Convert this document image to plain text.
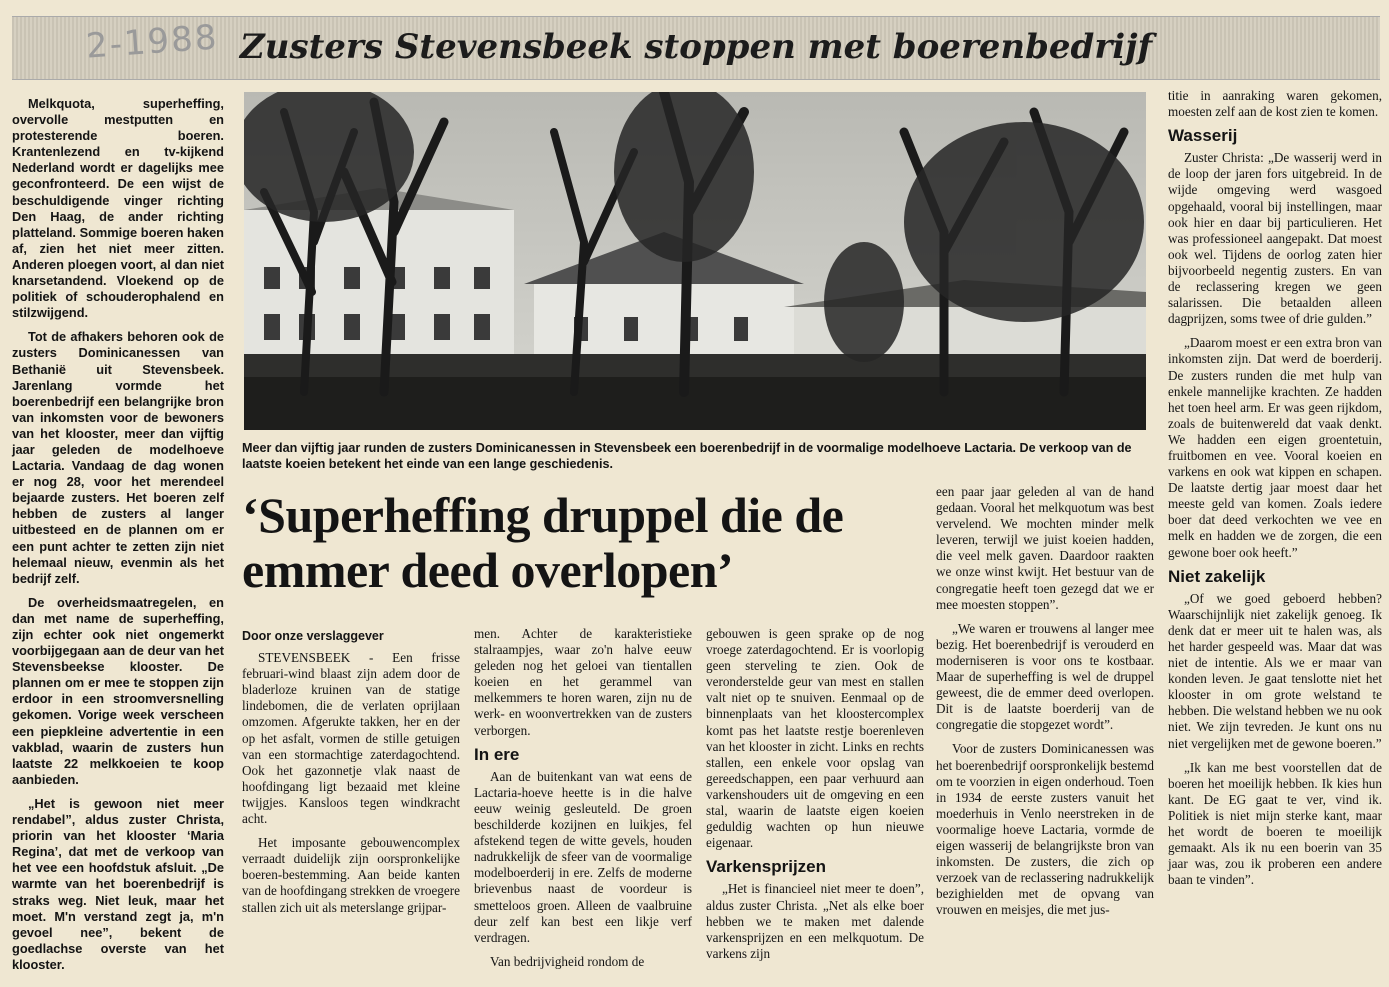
Zusters Stevensbeek stoppen met boerenbedrijf
2-1988

Melkquota, superheffing, overvolle mestputten en protesterende boeren. Krantenlezend en tv-kijkend Nederland wordt er dagelijks mee geconfronteerd. De een wijst de beschuldigende vinger richting Den Haag, de ander richting platteland. Sommige boeren haken af, zien het niet meer zitten. Anderen ploegen voort, al dan niet knarsetandend. Vloekend op de politiek of schouderophalend en stilzwijgend.

Tot de afhakers behoren ook de zusters Dominicanessen van Bethanië uit Stevensbeek. Jarenlang vormde het boerenbedrijf een belangrijke bron van inkomsten voor de bewoners van het klooster, meer dan vijftig jaar geleden de modelhoeve Lactaria. Vandaag de dag wonen er nog 28, voor het merendeel bejaarde zusters. Het boeren zelf hebben de zusters al langer uitbesteed en de plannen om er een punt achter te zetten zijn niet helemaal nieuw, evenmin als het bedrijf zelf.

De overheidsmaatregelen, en dan met name de superheffing, zijn echter ook niet ongemerkt voorbijgegaan aan de deur van het Stevensbeekse klooster. De plannen om er mee te stoppen zijn erdoor in een stroomversnelling gekomen. Vorige week verscheen een piepkleine advertentie in een vakblad, waarin de zusters hun laatste 22 melkkoeien te koop aanbieden.

„Het is gewoon niet meer rendabel”, aldus zuster Christa, priorin van het klooster ‘Maria Regina’, dat met de verkoop van het vee een hoofdstuk afsluit. „De warmte van het boerenbedrijf is straks weg. Niet leuk, maar het moet. M'n verstand zegt ja, m'n gevoel nee”, bekent de goedlachse overste van het klooster.

Meer dan vijftig jaar runden de zusters Dominicanessen in Stevensbeek een boerenbedrijf in de voormalige modelhoeve Lactaria. De verkoop van de laatste koeien betekent het einde van een lange geschiedenis.
‘Superheffing druppel die de emmer deed overlopen’
Door onze verslaggever

STEVENSBEEK - Een frisse februari-wind blaast zijn adem door de bladerloze kruinen van de statige lindebomen, die de verlaten oprijlaan omzomen. Afgerukte takken, her en der op het asfalt, vormen de stille getuigen van een stormachtige zaterdagochtend. Ook het gazonnetje vlak naast de hoofdingang ligt bezaaid met kleine twijgjes. Kansloos tegen windkracht acht.

Het imposante gebouwencomplex verraadt duidelijk zijn oorspronkelijke boeren-bestemming. Aan beide kanten van de hoofdingang strekken de vroegere stallen zich uit als meterslange grijpar-

men. Achter de karakteristieke stalraampjes, waar zo'n halve eeuw geleden nog het geloei van tientallen koeien en het gerammel van melkemmers te horen waren, zijn nu de werk- en woonvertrekken van de zusters verborgen.

In ere

Aan de buitenkant van wat eens de Lactaria-hoeve heette is in die halve eeuw weinig gesleuteld. De groen beschilderde kozijnen en luikjes, fel afstekend tegen de witte gevels, houden nadrukkelijk de sfeer van de voormalige modelboerderij in ere. Zelfs de moderne brievenbus naast de voordeur is smetteloos groen. Alleen de vaalbruine deur zelf kan best een likje verf verdragen.

Van bedrijvigheid rondom de

gebouwen is geen sprake op de nog vroege zaterdagochtend. Er is voorlopig geen sterveling te zien. Ook de veronderstelde geur van mest en stallen valt niet op te snuiven. Eenmaal op de binnenplaats van het kloostercomplex komt pas het laatste restje boerenleven van het klooster in zicht. Links en rechts stallen, een enkele voor opslag van gereedschappen, een paar verhuurd aan varkenshouders uit de omgeving en een stal, waarin de laatste eigen koeien geduldig wachten op hun nieuwe eigenaar.

Varkensprijzen

„Het is financieel niet meer te doen”, aldus zuster Christa. „Net als elke boer hebben we te maken met dalende varkensprijzen en een melkquotum. De varkens zijn

een paar jaar geleden al van de hand gedaan. Vooral het melkquotum was best vervelend. We mochten minder melk leveren, terwijl we juist koeien hadden, die veel melk gaven. Daardoor raakten we onze winst kwijt. Het bestuur van de congregatie heeft toen gezegd dat we er mee moesten stoppen”.

„We waren er trouwens al langer mee bezig. Het boerenbedrijf is verouderd en moderniseren is voor ons te kostbaar. Maar de superheffing is wel de druppel geweest, die de emmer deed overlopen. Dit is de laatste boerderij van de congregatie die stopgezet wordt”.

Voor de zusters Dominicanessen was het boerenbedrijf oorspronkelijk bestemd om te voorzien in eigen onderhoud. Toen in 1934 de eerste zusters vanuit het moederhuis in Venlo neerstreken in de voormalige hoeve Lactaria, vormde de eigen wasserij de belangrijkste bron van inkomsten. De zusters, die zich op verzoek van de reclassering nadrukkelijk bezighielden met de opvang van vrouwen en meisjes, die met jus-

titie in aanraking waren gekomen, moesten zelf aan de kost zien te komen.

Wasserij

Zuster Christa: „De wasserij werd in de loop der jaren fors uitgebreid. In de wijde omgeving werd wasgoed opgehaald, vooral bij instellingen, maar ook hier en daar bij particulieren. Het was professioneel aangepakt. Dat moest ook wel. Tijdens de oorlog zaten hier bijvoorbeeld negentig zusters. En van de reclassering kregen we geen salarissen. Die betaalden alleen dagprijzen, soms twee of drie gulden.”

„Daarom moest er een extra bron van inkomsten zijn. Dat werd de boerderij. De zusters runden die met hulp van enkele mannelijke krachten. Ze hadden het toen heel arm. Er was geen rijkdom, zoals de buitenwereld dat vaak denkt. We hadden een eigen groentetuin, fruitbomen en vee. Vooral koeien en varkens en ook wat kippen en schapen. De laatste dertig jaar moest daar het meeste geld van komen. Zoals iedere boer dat deed verkochten we vee en melk en hadden we de zorgen, die een gewone boer ook heeft.”

Niet zakelijk

„Of we goed geboerd hebben? Waarschijnlijk niet zakelijk genoeg. Ik denk dat er meer uit te halen was, als het harder gespeeld was. Maar dat was niet de intentie. Als we er maar van konden leven. Je gaat tenslotte niet het klooster in om grote welstand te hebben. Die welstand hebben we nu ook niet. We zijn tevreden. Je kunt ons nu niet vergelijken met de gewone boeren.”

„Ik kan me best voorstellen dat de boeren het moeilijk hebben. Ik kies hun kant. De EG gaat te ver, vind ik. Politiek is niet mijn sterke kant, maar het wordt de boeren te moeilijk gemaakt. Als ik nu een boerin van 35 jaar was, zou ik proberen een andere baan te vinden”.
